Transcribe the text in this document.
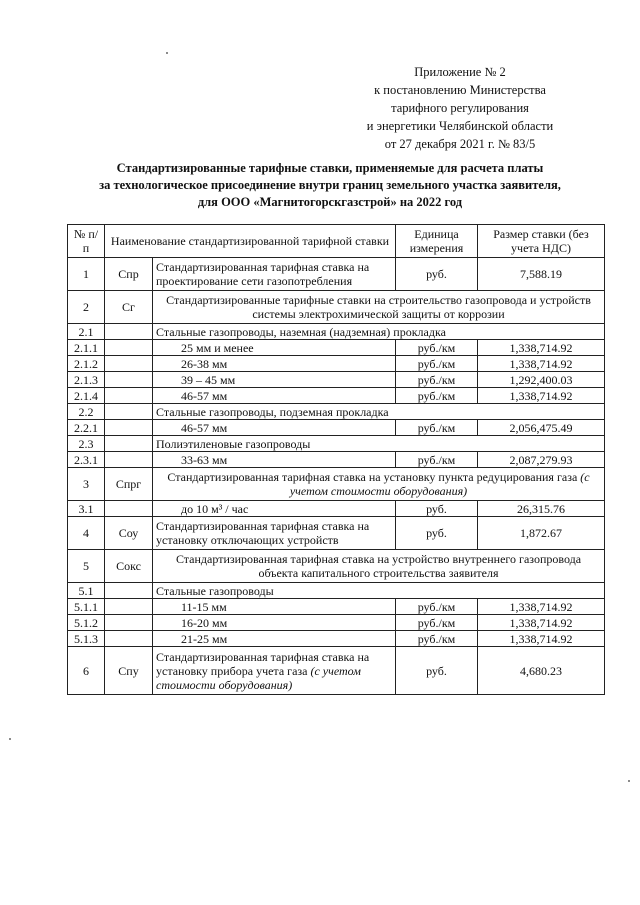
Приложение № 2
к постановлению Министерства
тарифного регулирования
и энергетики Челябинской области
от 27 декабря 2021 г. № 83/5
Стандартизированные тарифные ставки, применяемые для расчета платы
за технологическое присоединение внутри границ земельного участка заявителя,
для ООО «Магнитогорскгазстрой» на 2022 год
№ п/п	Наименование стандартизированной тарифной ставки		Единица измерения	Размер ставки (без учета НДС)
1	Спр	Стандартизированная тарифная ставка на проектирование сети газопотребления	руб.	7,588.19
2	Сг	Стандартизированные тарифные ставки на строительство газопровода и устройств системы электрохимической защиты от коррозии		
2.1		Стальные газопроводы, наземная (надземная) прокладка		
2.1.1		25 мм и менее	руб./км	1,338,714.92
2.1.2		26-38 мм	руб./км	1,338,714.92
2.1.3		39 – 45 мм	руб./км	1,292,400.03
2.1.4		46-57 мм	руб./км	1,338,714.92
2.2		Стальные газопроводы, подземная прокладка		
2.2.1		46-57 мм	руб./км	2,056,475.49
2.3		Полиэтиленовые газопроводы		
2.3.1		33-63 мм	руб./км	2,087,279.93
3	Спрг	Стандартизированная тарифная ставка на установку пункта редуцирования газа (с учетом стоимости оборудования)		
3.1		до 10 м³ / час	руб.	26,315.76
4	Соу	Стандартизированная тарифная ставка на установку отключающих устройств	руб.	1,872.67
5	Сокс	Стандартизированная тарифная ставка на устройство внутреннего газопровода объекта капитального строительства заявителя		
5.1		Стальные газопроводы		
5.1.1		11-15 мм	руб./км	1,338,714.92
5.1.2		16-20 мм	руб./км	1,338,714.92
5.1.3		21-25 мм	руб./км	1,338,714.92
6	Спу	Стандартизированная тарифная ставка на установку прибора учета газа (с учетом стоимости оборудования)	руб.	4,680.23
